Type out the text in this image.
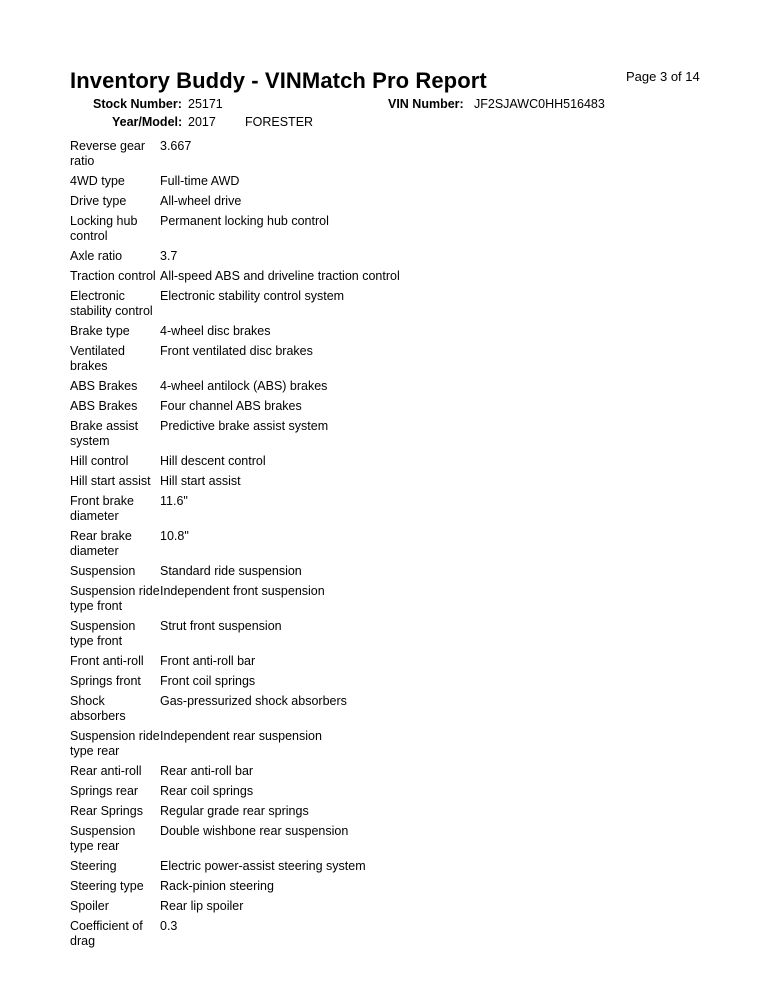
Inventory Buddy - VINMatch Pro Report	Page 3 of 14
Stock Number: 25171	VIN Number: JF2SJAWC0HH516483
Year/Model: 2017 FORESTER
Reverse gear ratio	3.667
4WD type	Full-time AWD
Drive type	All-wheel drive
Locking hub control	Permanent locking hub control
Axle ratio	3.7
Traction control	All-speed ABS and driveline traction control
Electronic stability control	Electronic stability control system
Brake type	4-wheel disc brakes
Ventilated brakes	Front ventilated disc brakes
ABS Brakes	4-wheel antilock (ABS) brakes
ABS Brakes	Four channel ABS brakes
Brake assist system	Predictive brake assist system
Hill control	Hill descent control
Hill start assist	Hill start assist
Front brake diameter	11.6"
Rear brake diameter	10.8"
Suspension	Standard ride suspension
Suspension ride type front	Independent front suspension
Suspension type front	Strut front suspension
Front anti-roll	Front anti-roll bar
Springs front	Front coil springs
Shock absorbers	Gas-pressurized shock absorbers
Suspension ride type rear	Independent rear suspension
Rear anti-roll	Rear anti-roll bar
Springs rear	Rear coil springs
Rear Springs	Regular grade rear springs
Suspension type rear	Double wishbone rear suspension
Steering	Electric power-assist steering system
Steering type	Rack-pinion steering
Spoiler	Rear lip spoiler
Coefficient of drag	0.3
